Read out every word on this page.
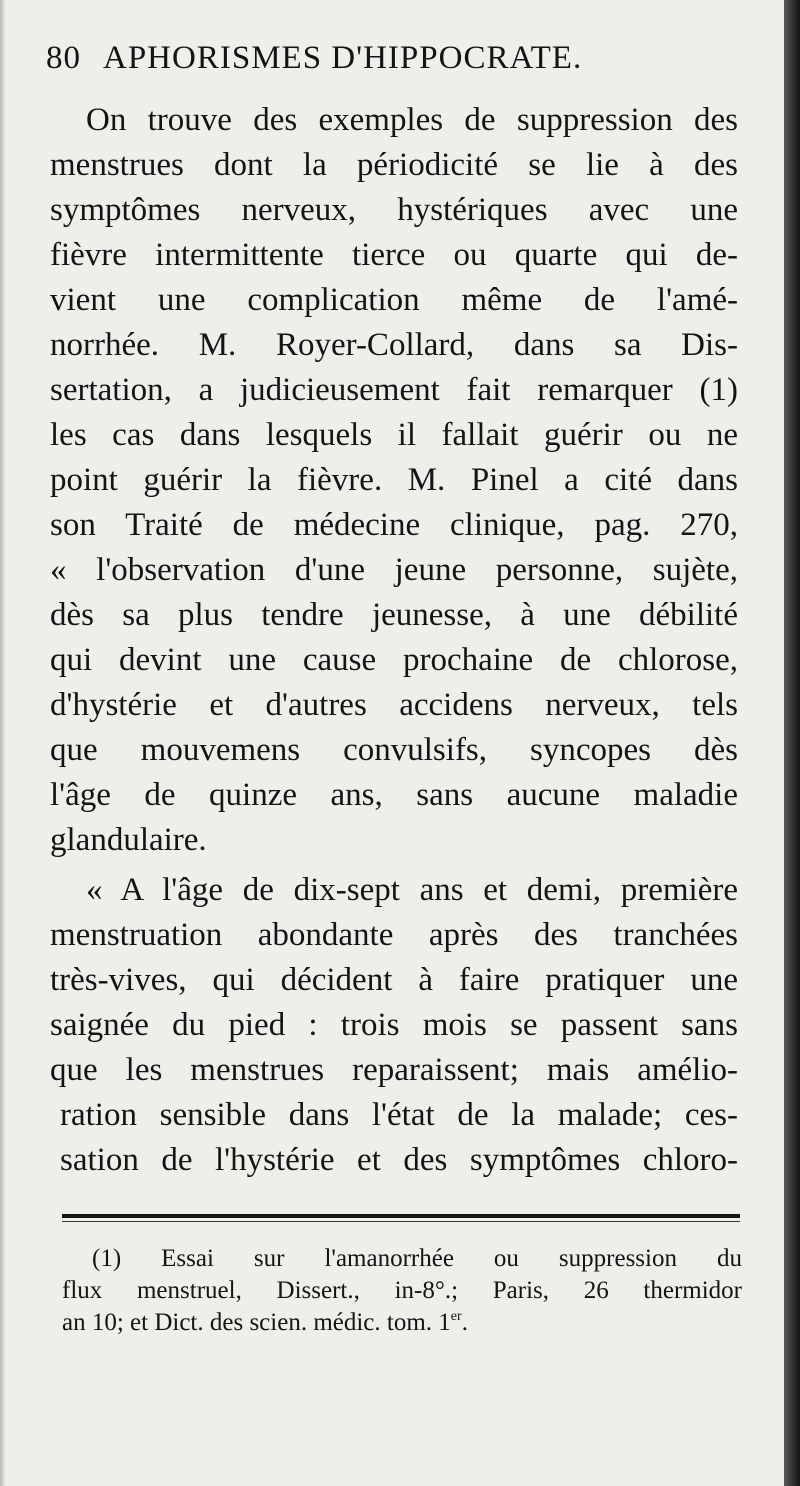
80 APHORISMES D'HIPPOCRATE.
On trouve des exemples de suppression des
menstrues dont la périodicité se lie à des
symptômes nerveux, hystériques avec une
fièvre intermittente tierce ou quarte qui de-
vient une complication même de l'amé-
norrhée. M. Royer-Collard, dans sa Dis-
sertation, a judicieusement fait remarquer (1)
les cas dans lesquels il fallait guérir ou ne
point guérir la fièvre. M. Pinel a cité dans
son Traité de médecine clinique, pag. 270,
« l'observation d'une jeune personne, sujète,
dès sa plus tendre jeunesse, à une débilité
qui devint une cause prochaine de chlorose,
d'hystérie et d'autres accidens nerveux, tels
que mouvemens convulsifs, syncopes dès
l'âge de quinze ans, sans aucune maladie
glandulaire.
« A l'âge de dix-sept ans et demi, première
menstruation abondante après des tranchées
très-vives, qui décident à faire pratiquer une
saignée du pied : trois mois se passent sans
que les menstrues reparaissent; mais amélio-
ration sensible dans l'état de la malade; ces-
sation de l'hystérie et des symptômes chloro-
(1) Essai sur l'amanorrhée ou suppression du
flux menstruel, Dissert., in-8°.; Paris, 26 thermidor
an 10; et Dict. des scien. médic. tom. 1er.
